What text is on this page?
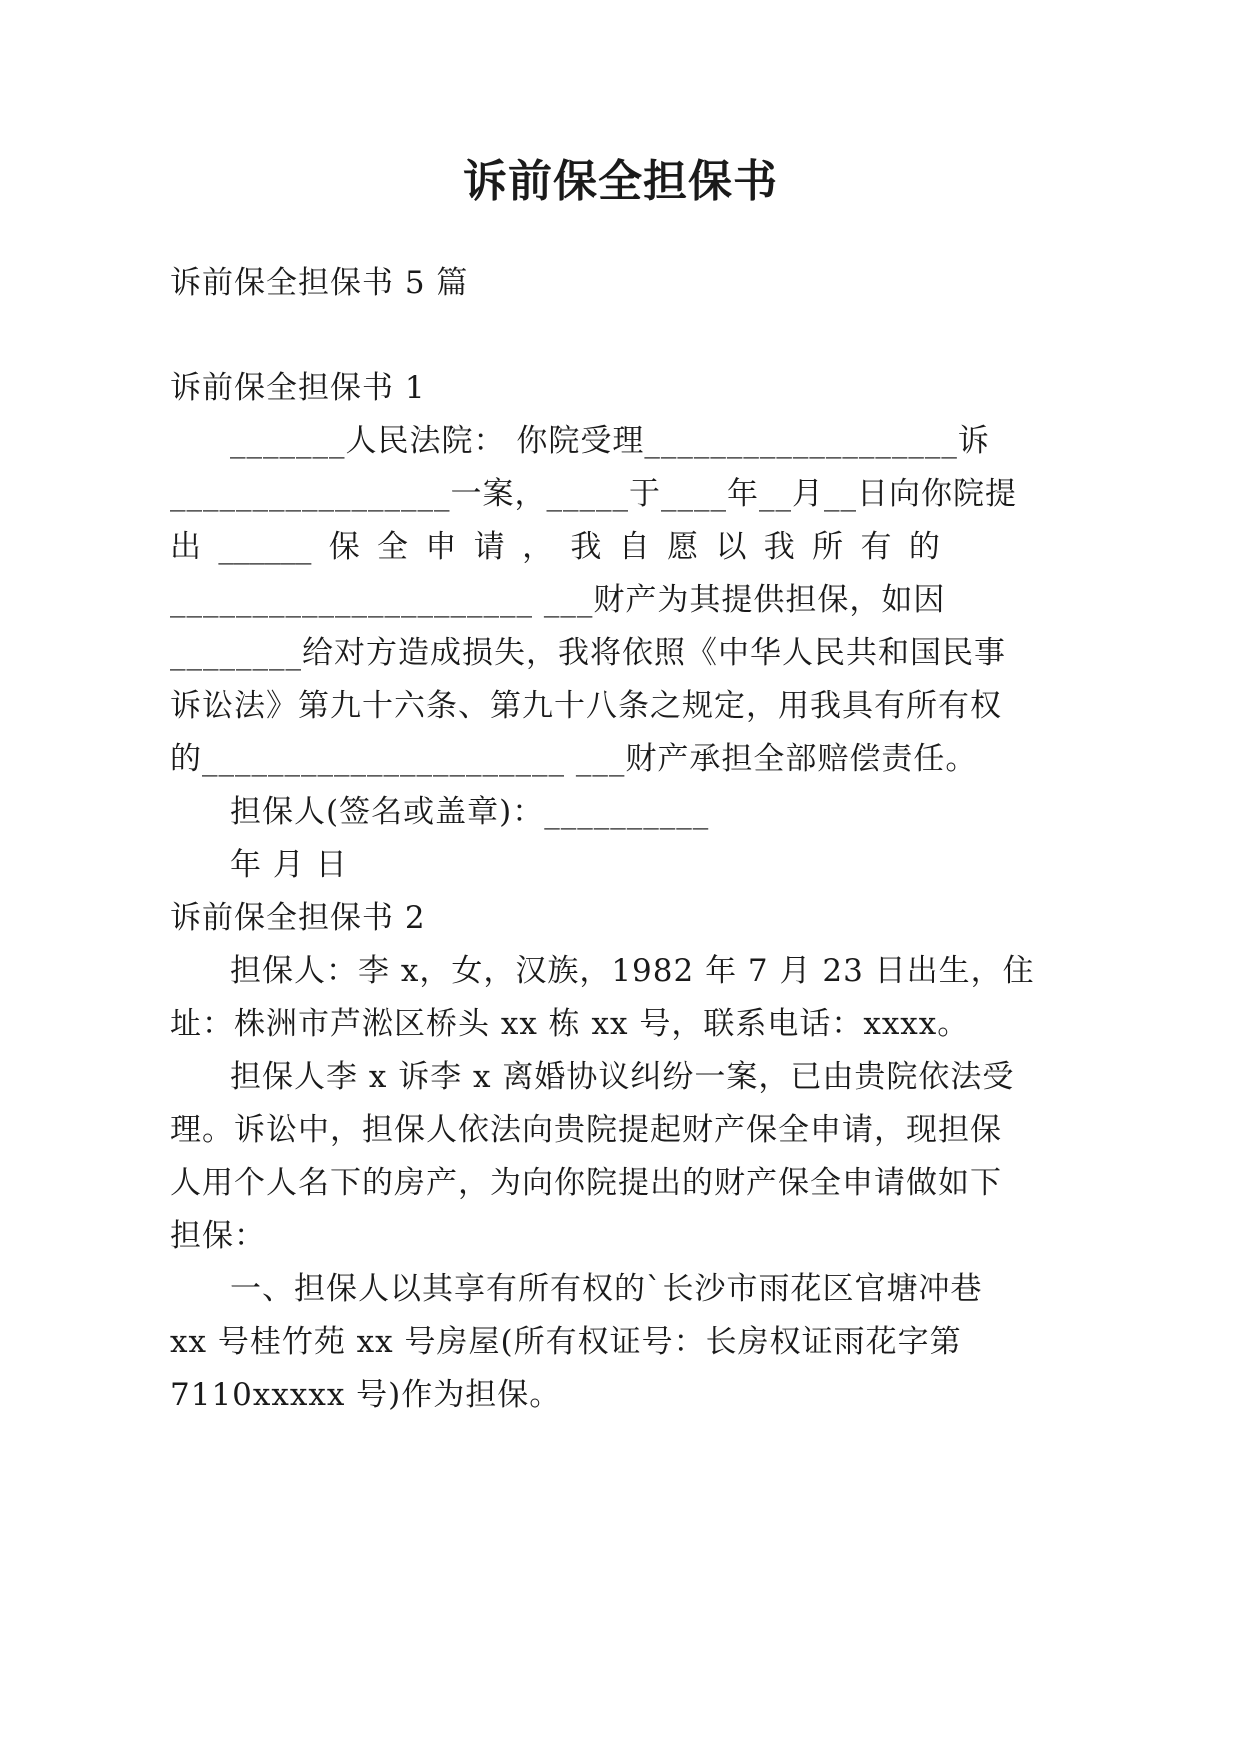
诉前保全担保书
诉前保全担保书 5 篇
诉前保全担保书 1
_______人民法院： 你院受理___________________诉
_________________一案，_____于____年__月__日向你院提
出 ______ 保 全 申 请 ， 我 自 愿 以 我 所 有 的
______________________ ___财产为其提供担保，如因
________给对方造成损失，我将依照《中华人民共和国民事
诉讼法》第九十六条、第九十八条之规定，用我具有所有权
的______________________ ___财产承担全部赔偿责任。
担保人(签名或盖章)：__________
年 月 日
诉前保全担保书 2
担保人：李 x，女，汉族，1982 年 7 月 23 日出生，住
址：株洲市芦淞区桥头 xx 栋 xx 号，联系电话：xxxx。
担保人李 x 诉李 x 离婚协议纠纷一案，已由贵院依法受
理。诉讼中，担保人依法向贵院提起财产保全申请，现担保
人用个人名下的房产，为向你院提出的财产保全申请做如下
担保：
一、担保人以其享有所有权的`长沙市雨花区官塘冲巷
xx 号桂竹苑 xx 号房屋(所有权证号：长房权证雨花字第
7110xxxxx 号)作为担保。
